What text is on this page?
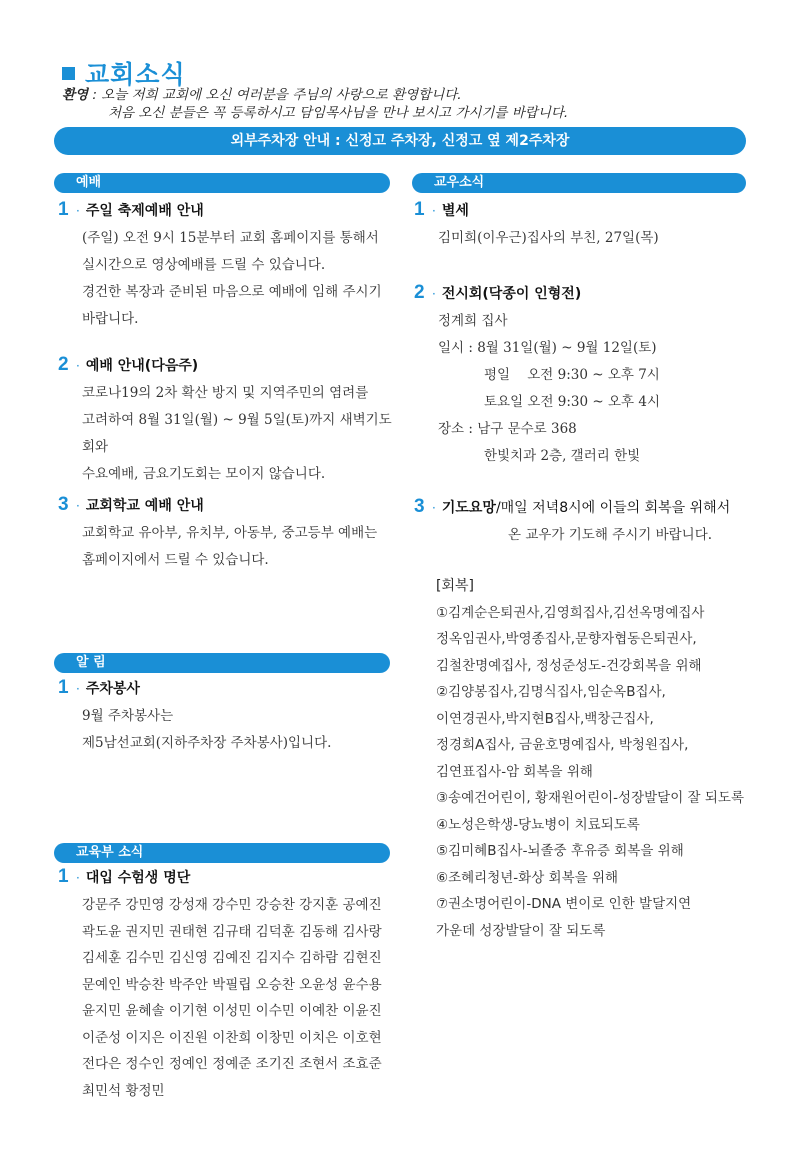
교회소식
환영 : 오늘 저희 교회에 오신 여러분을 주님의 사랑으로 환영합니다.
처음 오신 분들은 꼭 등록하시고 담임목사님을 만나 보시고 가시기를 바랍니다.
외부주차장 안내 : 신정고 주차장, 신정고 옆 제2주차장
예배
1 · 주일 축제예배 안내
(주일) 오전 9시 15분부터 교회 홈페이지를 통해서
실시간으로 영상예배를 드릴 수 있습니다.
경건한 복장과 준비된 마음으로 예배에 임해 주시기
바랍니다.
2 · 예배 안내(다음주)
코로나19의 2차 확산 방지 및 지역주민의 염려를
고려하여 8월 31일(월) ~ 9월 5일(토)까지 새벽기도회와
수요예배, 금요기도회는 모이지 않습니다.
3 · 교회학교 예배 안내
교회학교 유아부, 유치부, 아동부, 중고등부 예배는
홈페이지에서 드릴 수 있습니다.
알 림
1 · 주차봉사
9월 주차봉사는
제5남선교회(지하주차장 주차봉사)입니다.
교육부 소식
1 · 대입 수험생 명단
강문주 강민영 강성재 강수민 강승찬 강지훈 공예진
곽도윤 권지민 권태현 김규태 김덕훈 김동해 김사랑
김세훈 김수민 김신영 김예진 김지수 김하람 김현진
문예인 박승찬 박주안 박필립 오승찬 오윤성 윤수용
윤지민 윤혜솔 이기현 이성민 이수민 이예찬 이윤진
이준성 이지은 이진원 이찬희 이창민 이치은 이호현
전다은 정수인 정예인 정예준 조기진 조현서 조효준
최민석 황정민
교우소식
1 · 별세
김미희(이우근)집사의 부친, 27일(목)
2 · 전시회(닥종이 인형전)
정계희 집사
일시 : 8월 31일(월) ~ 9월 12일(토)
평일    오전 9:30 ~ 오후 7시
토요일 오전 9:30 ~ 오후 4시
장소 : 남구 문수로 368
한빛치과 2층, 갤러리 한빛
3 · 기도요망/매일 저녁8시에 이들의 회복을 위해서
온 교우가 기도해 주시기 바랍니다.
[회복]
①김계순은퇴권사,김영희집사,김선옥명예집사
정옥임권사,박영종집사,문향자협동은퇴권사,
김철찬명예집사, 정성준성도-건강회복을 위해
②김양봉집사,김명식집사,임순옥B집사,
이연경권사,박지현B집사,백창근집사,
정경희A집사, 금윤호명예집사, 박청원집사,
김연표집사-암 회복을 위해
③송예건어린이, 황재원어린이-성장발달이 잘 되도록
④노성은학생-당뇨병이 치료되도록
⑤김미혜B집사-뇌졸중 후유증 회복을 위해
⑥조혜리청년-화상 회복을 위해
⑦권소명어린이-DNA 변이로 인한 발달지연
가운데 성장발달이 잘 되도록
